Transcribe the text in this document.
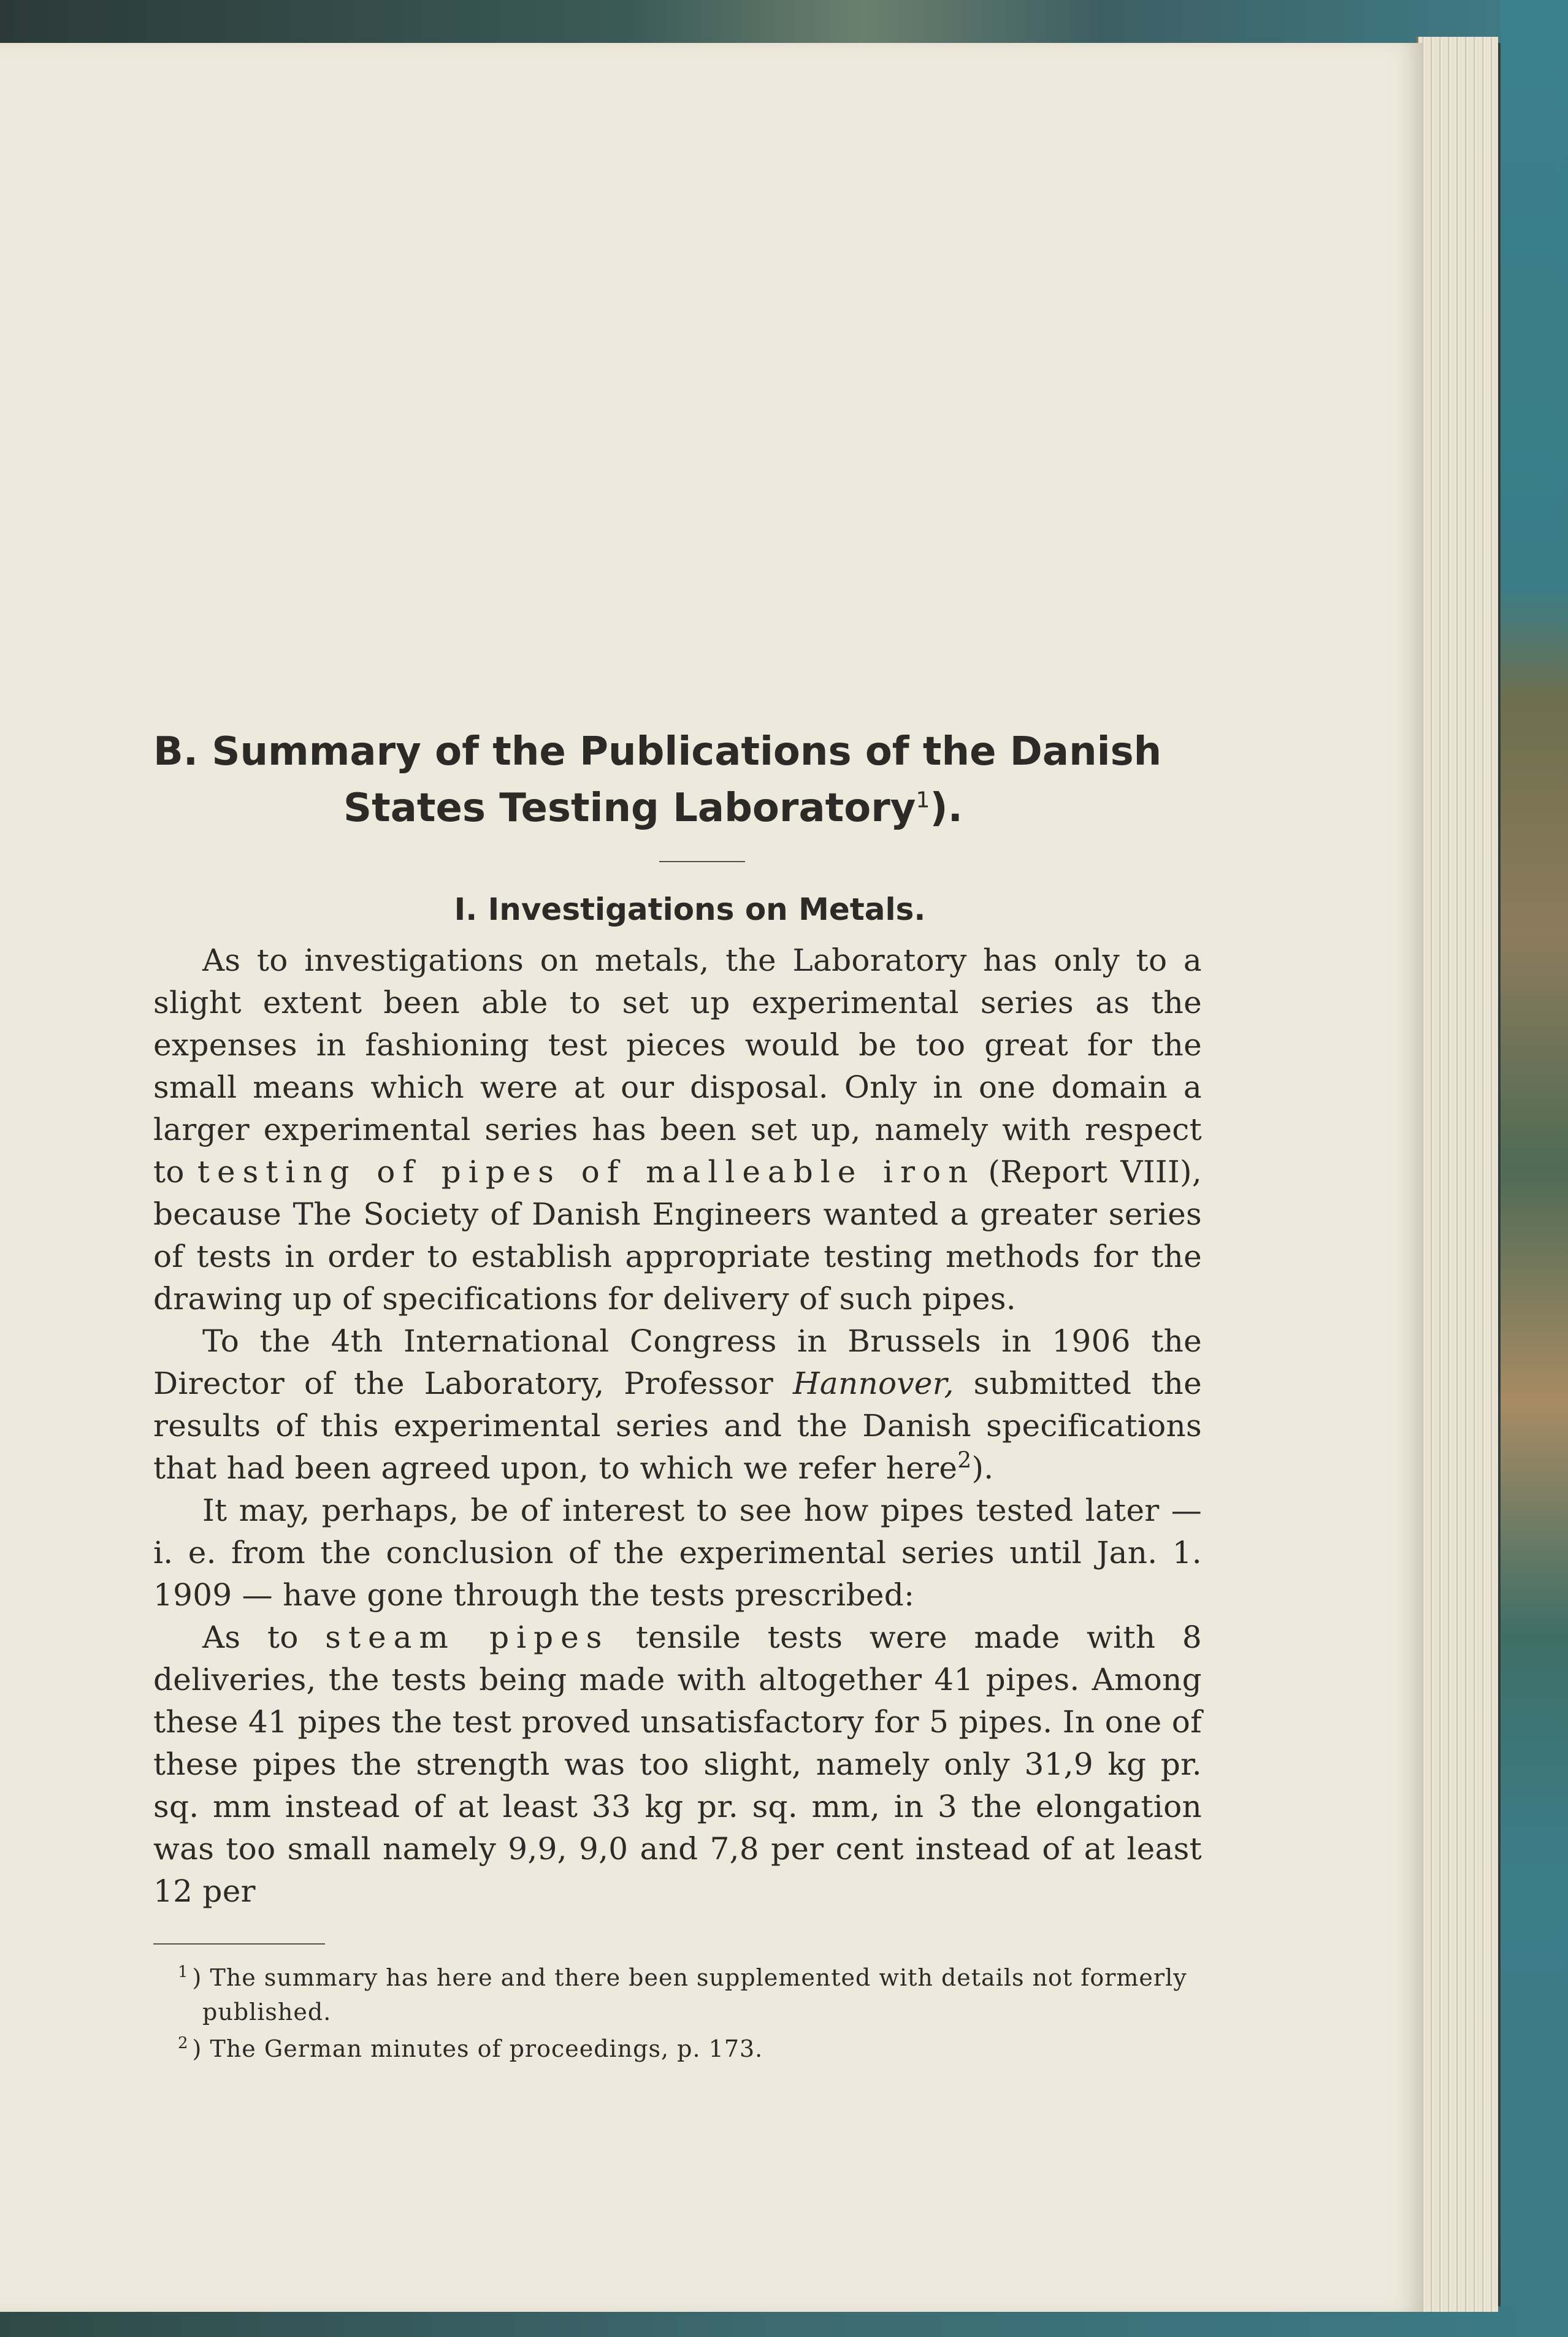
B. Summary of the Publications of the Danish
States Testing Laboratory$^1$).
I. Investigations on Metals.

As to investigations on metals, the Laboratory has only to a slight extent been able to set up experimental series as the expenses in fashioning test pieces would be too great for the small means which were at our disposal. Only in one domain a larger experimental series has been set up, namely with respect to testing of pipes of malleable iron (Report VIII), because The Society of Danish Engineers wanted a greater series of tests in order to establish appropriate testing methods for the drawing up of specifications for delivery of such pipes.

To the 4th International Congress in Brussels in 1906 the Director of the Laboratory, Professor Hannover, submitted the results of this experimental series and the Danish specifications that had been agreed upon, to which we refer here$^2$).

It may, perhaps, be of interest to see how pipes tested later — i. e. from the conclusion of the experimental series until Jan. 1. 1909 — have gone through the tests prescribed:

As to steam pipes tensile tests were made with 8 deliveries, the tests being made with altogether 41 pipes. Among these 41 pipes the test proved unsatisfactory for 5 pipes. In one of these pipes the strength was too slight, namely only 31,9 kg pr. sq. mm instead of at least 33 kg pr. sq. mm, in 3 the elongation was too small namely 9,9, 9,0 and 7,8 per cent instead of at least 12 per

$^1$ ) The summary has here and there been supplemented with details not formerly published.

$^2$ ) The German minutes of proceedings, p. 173.
